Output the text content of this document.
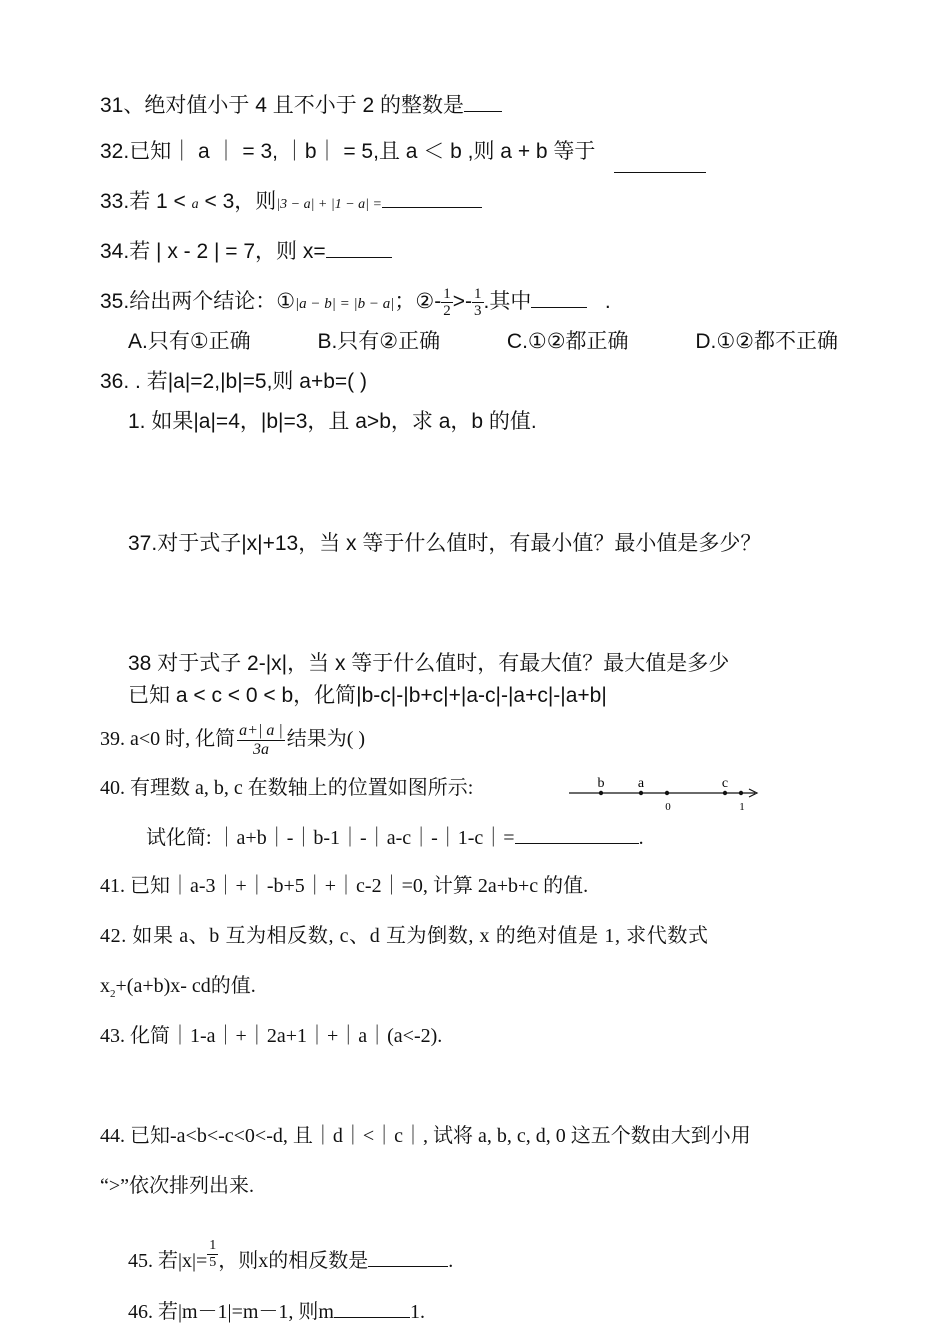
31、绝对值小于 4 且不小于 2 的整数是
32.已知｜ a ｜ = 3, ｜b｜ = 5,且 a ＜ b ,则 a + b 等于
33.若 1 < a < 3，则|3 − a| + |1 − a| =
34.若 | x - 2 | = 7，则 x=
35.给出两个结论：①|a − b| = |b − a|；②- $\frac{1}{2} >- \frac{1}{3}$ .其中	.
A.只有①正确	B.只有②正确	C.①②都正确	D.①②都不正确
36. . 若|a|=2,|b|=5,则 a+b=( )
1. 如果|a|=4，|b|=3，且 a>b，求 a，b 的值.
37.对于式子|x|+13，当 x 等于什么值时，有最小值？最小值是多少？
38 对于式子 2-|x|，当 x 等于什么值时，有最大值？最大值是多少
已知 a < c < 0 < b，化简|b-c|-|b+c|+|a-c|-|a+c|-|a+b|
39. a<0 时, 化简 $\frac{a+| a |}{3a}$ 结果为( )
40. 有理数 a, b, c 在数轴上的位置如图所示:	b a	c
0	1
试化简: ｜a+b｜-｜b-1｜-｜a-c｜-｜1-c｜=	.
41. 已知｜a-3｜+｜-b+5｜+｜c-2｜=0, 计算 2a+b+c 的值.
42. 如果 a、b 互为相反数, c、d 互为倒数, x 的绝对值是 1, 求代数式
$x_2+(a+b)x-$ cd的值.
43. 化简｜1-a｜+｜2a+1｜+｜a｜(a<-2).
44. 已知-a<b<-c<0<-d, 且｜d｜<｜c｜, 试将 a, b, c, d, 0 这五个数由大到小用
“>”依次排列出来.
45. 若$|x|= \frac{1}{5}$ ，则x的相反数是	.
46. 若|m－1|=m－1, 则m	1.
